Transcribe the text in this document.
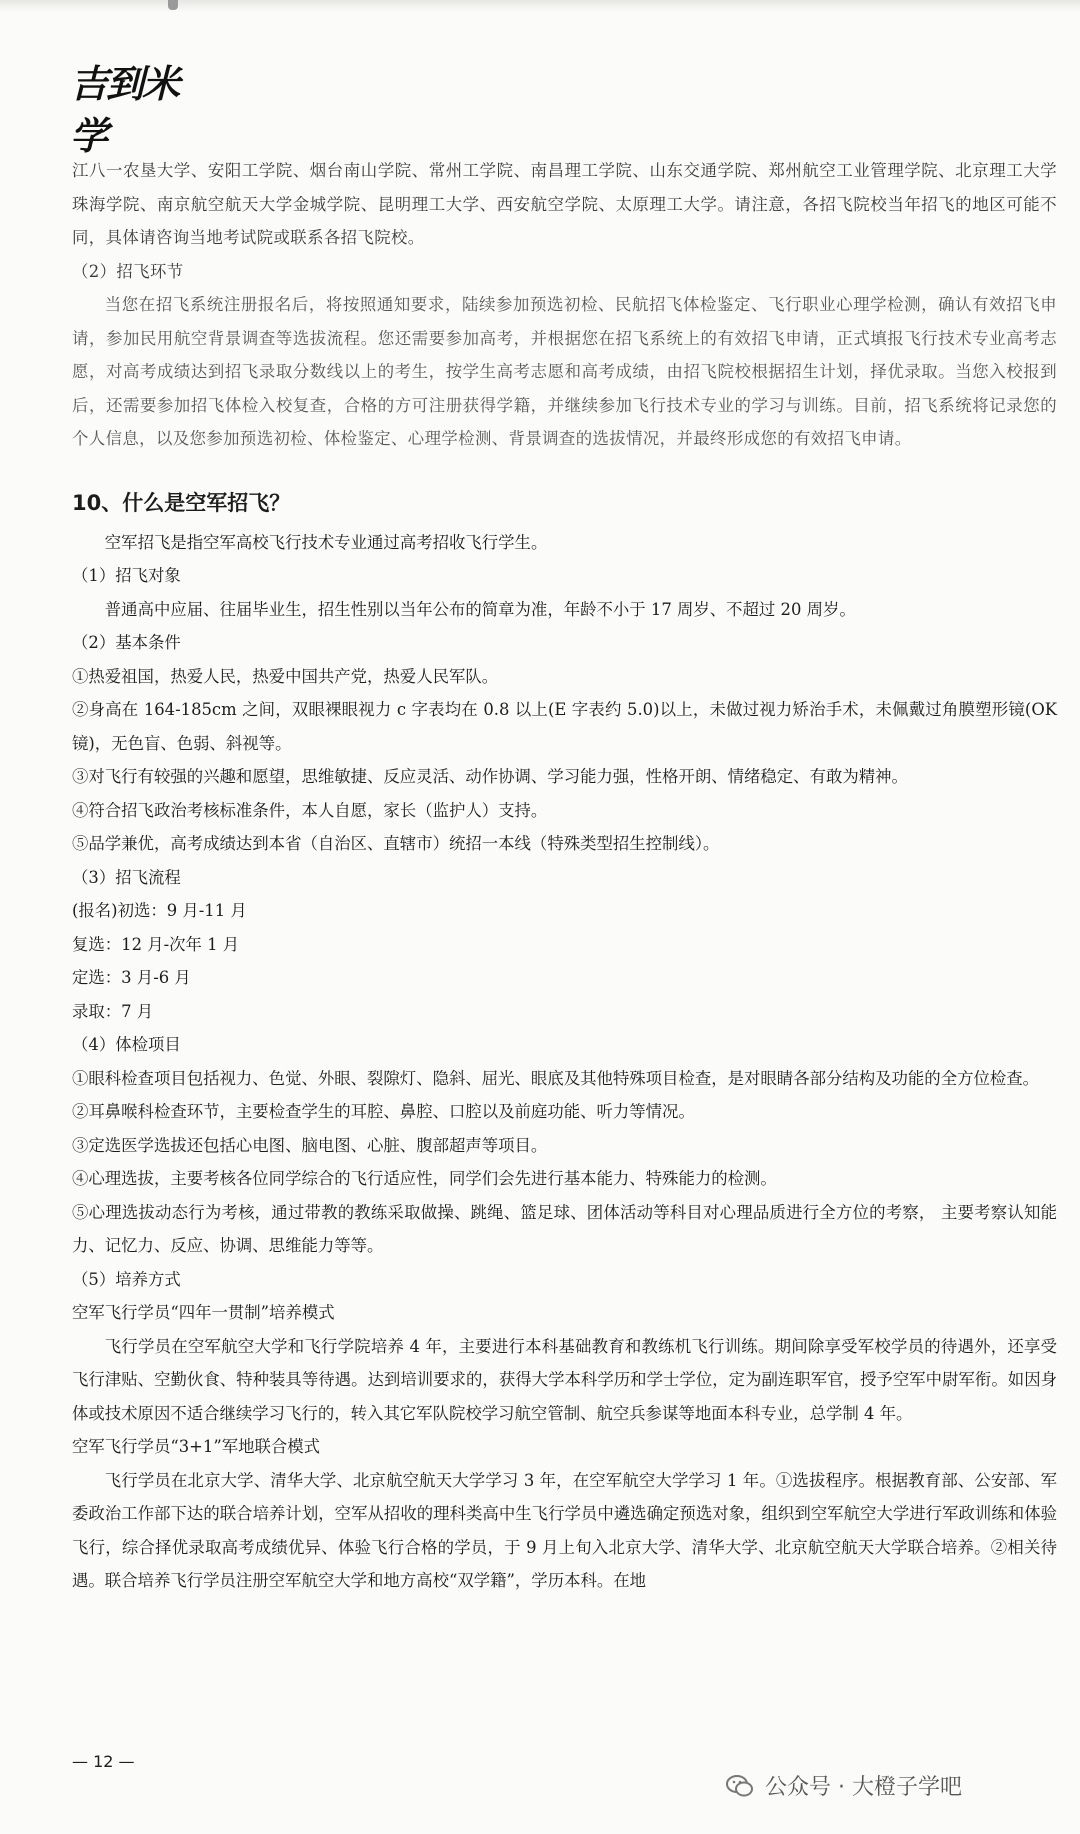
吉到米学

江八一农垦大学、安阳工学院、烟台南山学院、常州工学院、南昌理工学院、山东交通学院、郑州航空工业管理学院、北京理工大学珠海学院、南京航空航天大学金城学院、昆明理工大学、西安航空学院、太原理工大学。请注意，各招飞院校当年招飞的地区可能不同，具体请咨询当地考试院或联系各招飞院校。

（2）招飞环节

当您在招飞系统注册报名后，将按照通知要求，陆续参加预选初检、民航招飞体检鉴定、飞行职业心理学检测，确认有效招飞申请，参加民用航空背景调查等选拔流程。您还需要参加高考，并根据您在招飞系统上的有效招飞申请，正式填报飞行技术专业高考志愿，对高考成绩达到招飞录取分数线以上的考生，按学生高考志愿和高考成绩，由招飞院校根据招生计划，择优录取。当您入校报到后，还需要参加招飞体检入校复查，合格的方可注册获得学籍，并继续参加飞行技术专业的学习与训练。目前，招飞系统将记录您的个人信息，以及您参加预选初检、体检鉴定、心理学检测、背景调查的选拔情况，并最终形成您的有效招飞申请。

10、什么是空军招飞？

空军招飞是指空军高校飞行技术专业通过高考招收飞行学生。

（1）招飞对象

普通高中应届、往届毕业生，招生性别以当年公布的简章为准，年龄不小于 17 周岁、不超过 20 周岁。

（2）基本条件

①热爱祖国，热爱人民，热爱中国共产党，热爱人民军队。

②身高在 164-185cm 之间，双眼裸眼视力 c 字表均在 0.8 以上(E 字表约 5.0)以上，未做过视力矫治手术，未佩戴过角膜塑形镜(OK 镜)，无色盲、色弱、斜视等。

③对飞行有较强的兴趣和愿望，思维敏捷、反应灵活、动作协调、学习能力强，性格开朗、情绪稳定、有敢为精神。

④符合招飞政治考核标准条件，本人自愿，家长（监护人）支持。

⑤品学兼优，高考成绩达到本省（自治区、直辖市）统招一本线（特殊类型招生控制线）。

（3）招飞流程

(报名)初选：9 月-11 月

复选：12 月-次年 1 月

定选：3 月-6 月

录取：7 月

（4）体检项目

①眼科检查项目包括视力、色觉、外眼、裂隙灯、隐斜、屈光、眼底及其他特殊项目检查，是对眼睛各部分结构及功能的全方位检查。

②耳鼻喉科检查环节，主要检查学生的耳腔、鼻腔、口腔以及前庭功能、听力等情况。

③定选医学选拔还包括心电图、脑电图、心脏、腹部超声等项目。

④心理选拔，主要考核各位同学综合的飞行适应性，同学们会先进行基本能力、特殊能力的检测。

⑤心理选拔动态行为考核，通过带教的教练采取做操、跳绳、篮足球、团体活动等科目对心理品质进行全方位的考察， 主要考察认知能力、记忆力、反应、协调、思维能力等等。

（5）培养方式

空军飞行学员“四年一贯制”培养模式

飞行学员在空军航空大学和飞行学院培养 4 年，主要进行本科基础教育和教练机飞行训练。期间除享受军校学员的待遇外，还享受飞行津贴、空勤伙食、特种装具等待遇。达到培训要求的，获得大学本科学历和学士学位，定为副连职军官，授予空军中尉军衔。如因身体或技术原因不适合继续学习飞行的，转入其它军队院校学习航空管制、航空兵参谋等地面本科专业，总学制 4 年。

空军飞行学员“3+1”军地联合模式

飞行学员在北京大学、清华大学、北京航空航天大学学习 3 年，在空军航空大学学习 1 年。①选拔程序。根据教育部、公安部、军委政治工作部下达的联合培养计划，空军从招收的理科类高中生飞行学员中遴选确定预选对象，组织到空军航空大学进行军政训练和体验飞行，综合择优录取高考成绩优异、体验飞行合格的学员，于 9 月上旬入北京大学、清华大学、北京航空航天大学联合培养。②相关待遇。联合培养飞行学员注册空军航空大学和地方高校“双学籍”，学历本科。在地

— 12 —
公众号 · 大橙子学吧
